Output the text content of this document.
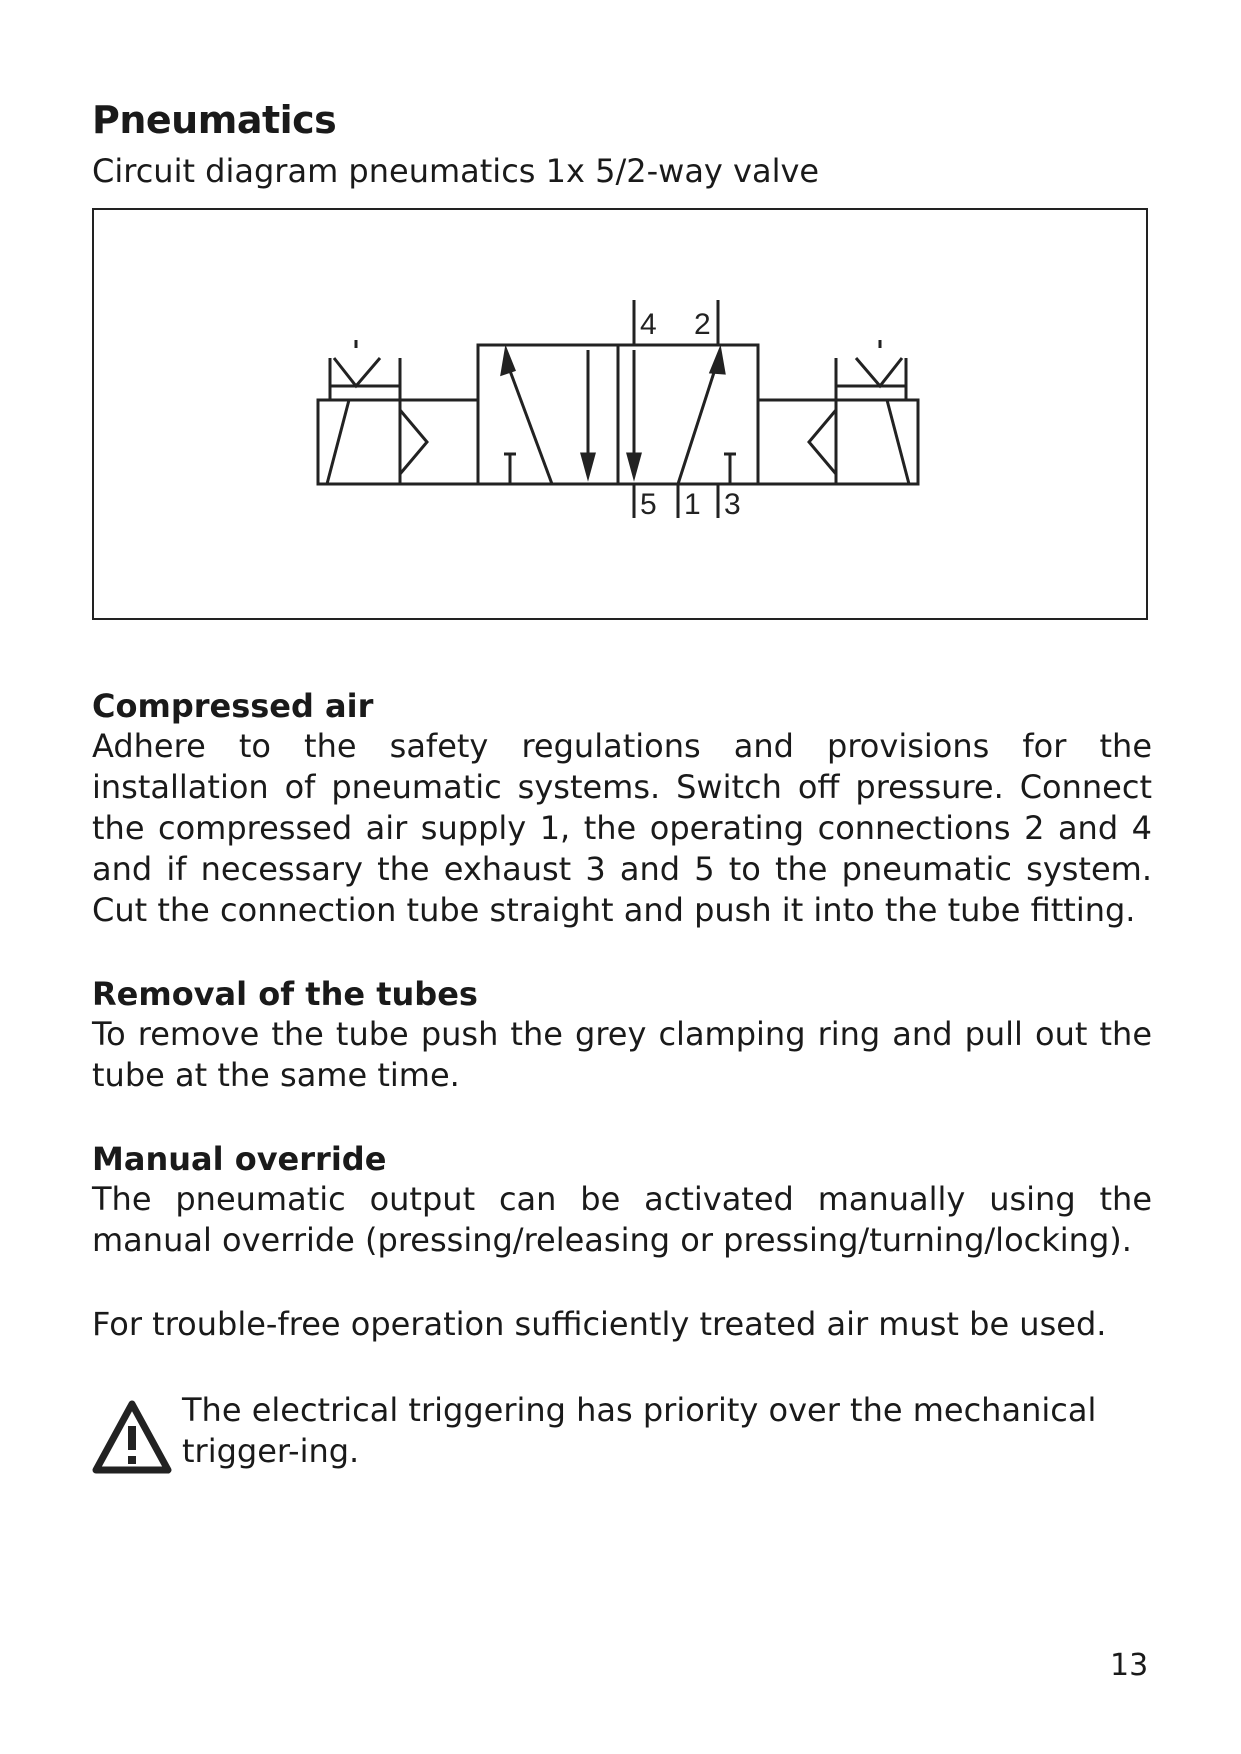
Pneumatics
Circuit diagram pneumatics 1x 5/2-way valve
4 2
5 1 3
Compressed air

Adhere to the safety regulations and provisions for the installation of pneumatic systems. Switch off pressure. Connect the compressed air supply 1, the operating connections 2 and 4 and if necessary the exhaust 3 and 5 to the pneumatic system. Cut the connection tube straight and push it into the tube fitting.

Removal of the tubes

To remove the tube push the grey clamping ring and pull out the tube at the same time.

Manual override

The pneumatic output can be activated manually using the manual override (pressing/releasing or pressing/turning/locking).

For trouble-free operation sufficiently treated air must be used.

The electrical triggering has priority over the mechanical trigger-ing.

13
